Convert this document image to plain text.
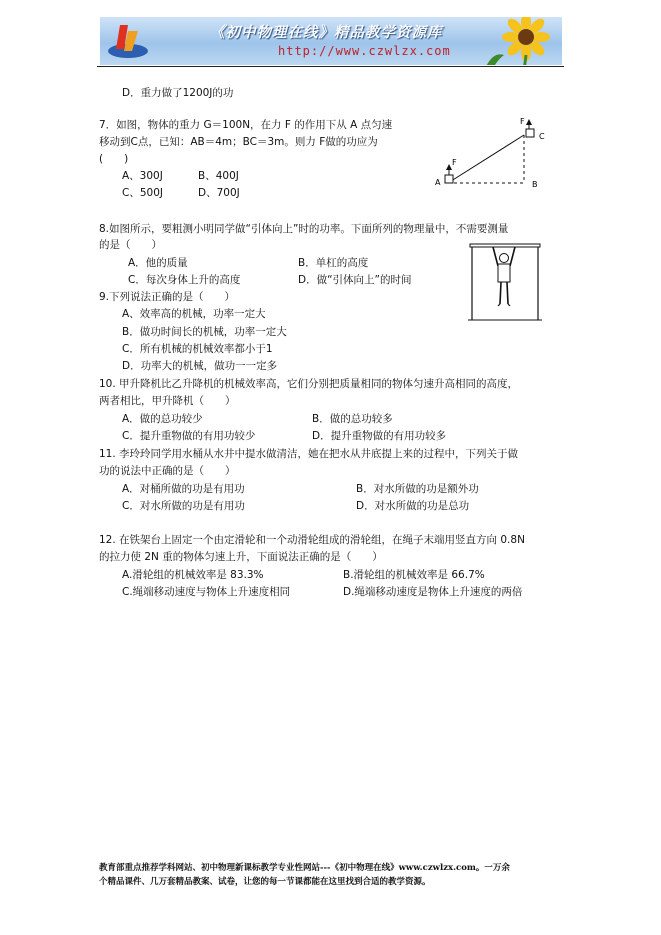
《初中物理在线》精品教学资源库
http://www.czwlzx.com
D．重力做了1200J的功
7．如图，物体的重力 G＝100N，在力 F 的作用下从 A 点匀速
移动到C点，已知：AB＝4m；BC＝3m。则力 F做的功应为
(　　)
A、300J	B、400J
C、500J	D、700J
F
F
A	B
C
8.如图所示，要粗测小明同学做“引体向上”时的功率。下面所列的物理量中，不需要测量
的是（　　）
A．他的质量	B．单杠的高度
C．每次身体上升的高度	D．做“引体向上”的时间
9.下列说法正确的是（　　）
A、效率高的机械，功率一定大
B．做功时间长的机械，功率一定大
C．所有机械的机械效率都小于1
D．功率大的机械，做功一一定多
10. 甲升降机比乙升降机的机械效率高，它们分别把质量相同的物体匀速升高相同的高度，
两者相比，甲升降机（　　）
A．做的总功较少	B．做的总功较多
C．提升重物做的有用功较少	D．提升重物做的有用功较多
11. 李玲玲同学用水桶从水井中提水做清洁，她在把水从井底提上来的过程中，下列关于做
功的说法中正确的是（　　）
A．对桶所做的功是有用功	B．对水所做的功是额外功
C．对水所做的功是有用功	D．对水所做的功是总功
12. 在铁架台上固定一个由定滑轮和一个动滑轮组成的滑轮组，在绳子末端用竖直方向 0.8N
的拉力使 2N 重的物体匀速上升，下面说法正确的是（　　）
A.滑轮组的机械效率是 83.3%	B.滑轮组的机械效率是 66.7%
C.绳端移动速度与物体上升速度相同	D.绳端移动速度是物体上升速度的两倍
教育部重点推荐学科网站、初中物理新课标教学专业性网站---《初中物理在线》www.czwlzx.com。一万余
个精品课件、几万套精品教案、试卷，让您的每一节课都能在这里找到合适的教学资源。
